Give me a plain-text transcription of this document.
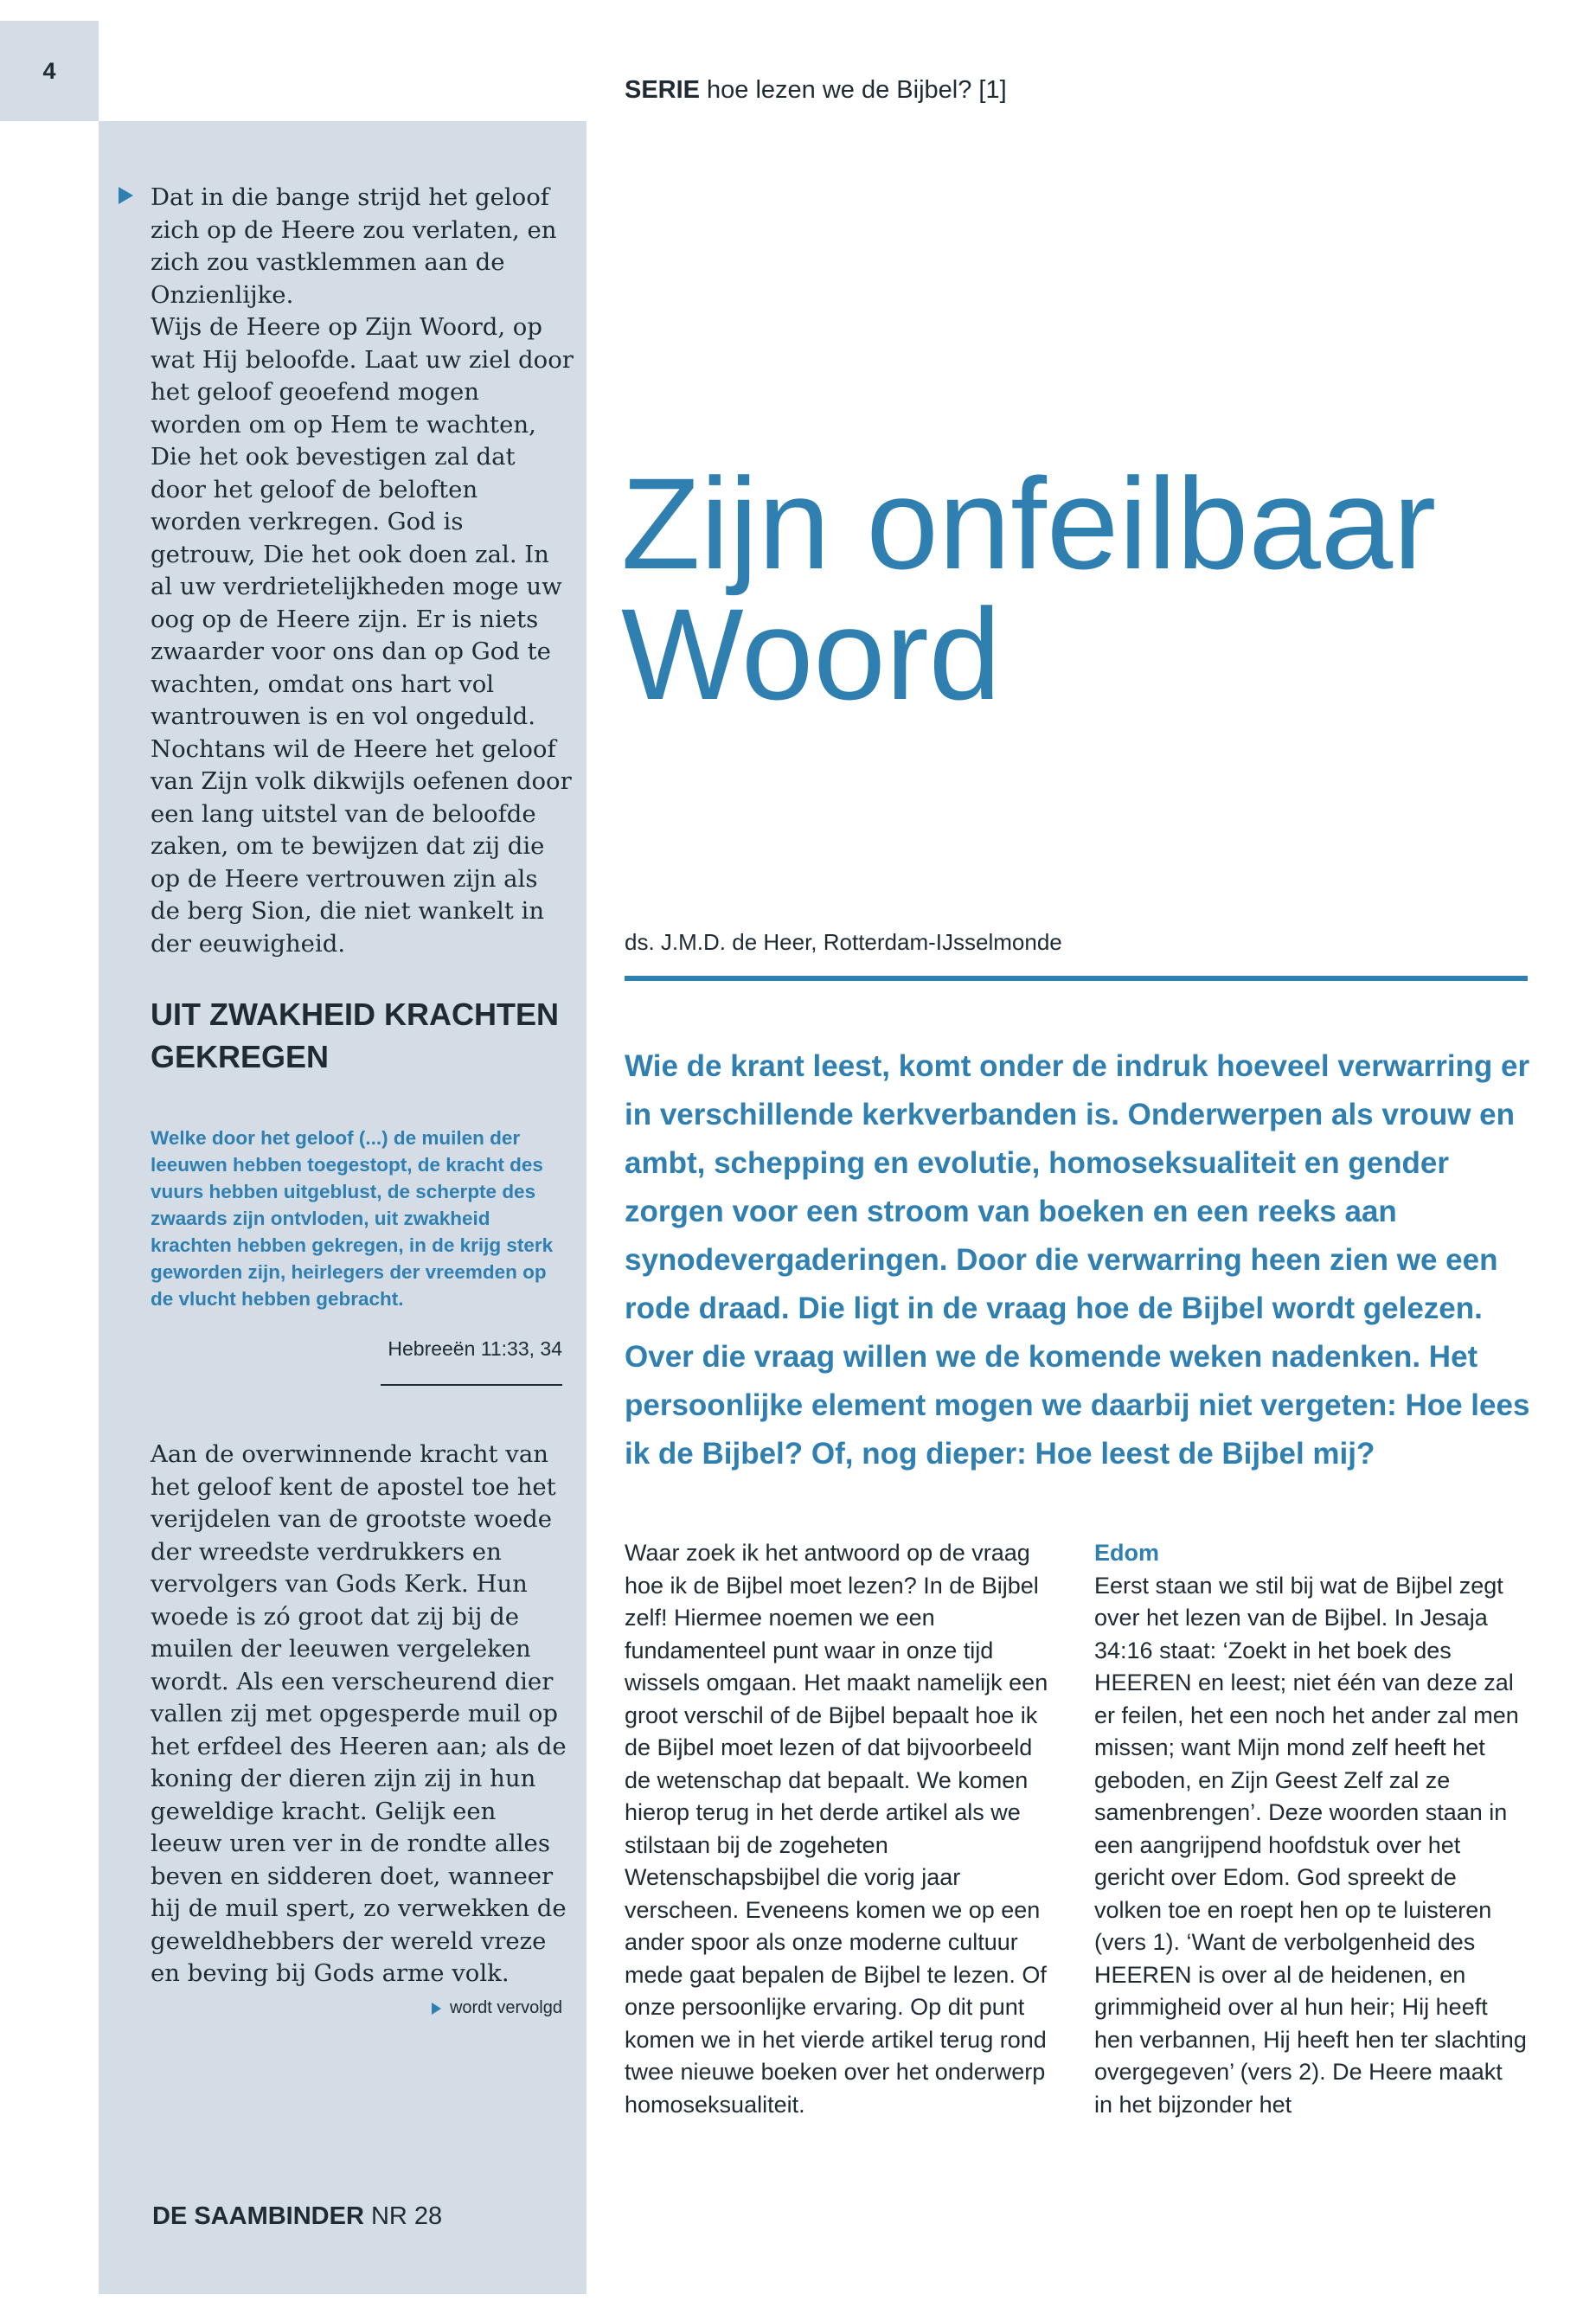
4

Dat in die bange strijd het geloof zich op de Heere zou verlaten, en zich zou vastklemmen aan de Onzienlijke.

Wijs de Heere op Zijn Woord, op wat Hij beloofde. Laat uw ziel door het geloof geoefend mogen worden om op Hem te wachten, Die het ook bevestigen zal dat door het geloof de beloften worden verkregen. God is getrouw, Die het ook doen zal. In al uw verdrietelijkheden moge uw oog op de Heere zijn. Er is niets zwaarder voor ons dan op God te wachten, omdat ons hart vol wantrouwen is en vol ongeduld. Nochtans wil de Heere het geloof van Zijn volk dikwijls oefenen door een lang uitstel van de beloofde zaken, om te bewijzen dat zij die op de Heere vertrouwen zijn als de berg Sion, die niet wankelt in der eeuwigheid.

UIT ZWAKHEID KRACHTEN GEKREGEN

Welke door het geloof (...) de muilen der leeuwen hebben toegestopt, de kracht des vuurs hebben uitgeblust, de scherpte des zwaards zijn ontvloden, uit zwakheid krachten hebben gekregen, in de krijg sterk geworden zijn, heirlegers der vreemden op de vlucht hebben gebracht.

Hebreeën 11:33, 34

Aan de overwinnende kracht van het geloof kent de apostel toe het verijdelen van de grootste woede der wreedste verdrukkers en vervolgers van Gods Kerk. Hun woede is zó groot dat zij bij de muilen der leeuwen vergeleken wordt. Als een verscheurend dier vallen zij met opgesperde muil op het erfdeel des Heeren aan; als de koning der dieren zijn zij in hun geweldige kracht. Gelijk een leeuw uren ver in de rondte alles beven en sidderen doet, wanneer hij de muil spert, zo verwekken de geweldhebbers der wereld vreze en beving bij Gods arme volk.

wordt vervolgd
DE SAAMBINDER NR 28
SERIE hoe lezen we de Bijbel? [1]
Zijn onfeilbaar Woord
ds. J.M.D. de Heer, Rotterdam-IJsselmonde

Wie de krant leest, komt onder de indruk hoeveel verwarring er in verschillende kerkverbanden is. Onderwerpen als vrouw en ambt, schepping en evolutie, homoseksualiteit en gender zorgen voor een stroom van boeken en een reeks aan synodevergaderingen. Door die verwarring heen zien we een rode draad. Die ligt in de vraag hoe de Bijbel wordt gelezen. Over die vraag willen we de komende weken nadenken. Het persoonlijke element mogen we daarbij niet vergeten: Hoe lees ik de Bijbel? Of, nog dieper: Hoe leest de Bijbel mij?

Waar zoek ik het antwoord op de vraag hoe ik de Bijbel moet lezen? In de Bijbel zelf! Hiermee noemen we een fundamenteel punt waar in onze tijd wissels omgaan. Het maakt namelijk een groot verschil of de Bijbel bepaalt hoe ik de Bijbel moet lezen of dat bijvoorbeeld de wetenschap dat bepaalt. We komen hierop terug in het derde artikel als we stilstaan bij de zogeheten Wetenschapsbijbel die vorig jaar verscheen. Eveneens komen we op een ander spoor als onze moderne cultuur mede gaat bepalen de Bijbel te lezen. Of onze persoonlijke ervaring. Op dit punt komen we in het vierde artikel terug rond twee nieuwe boeken over het onderwerp homoseksualiteit.

Edom

Eerst staan we stil bij wat de Bijbel zegt over het lezen van de Bijbel. In Jesaja 34:16 staat: ‘Zoekt in het boek des HEEREN en leest; niet één van deze zal er feilen, het een noch het ander zal men missen; want Mijn mond zelf heeft het geboden, en Zijn Geest Zelf zal ze samenbrengen’. Deze woorden staan in een aangrijpend hoofdstuk over het gericht over Edom. God spreekt de volken toe en roept hen op te luisteren (vers 1). ‘Want de verbolgenheid des HEEREN is over al de heidenen, en grimmigheid over al hun heir; Hij heeft hen verbannen, Hij heeft hen ter slachting overgegeven’ (vers 2). De Heere maakt in het bijzonder het
